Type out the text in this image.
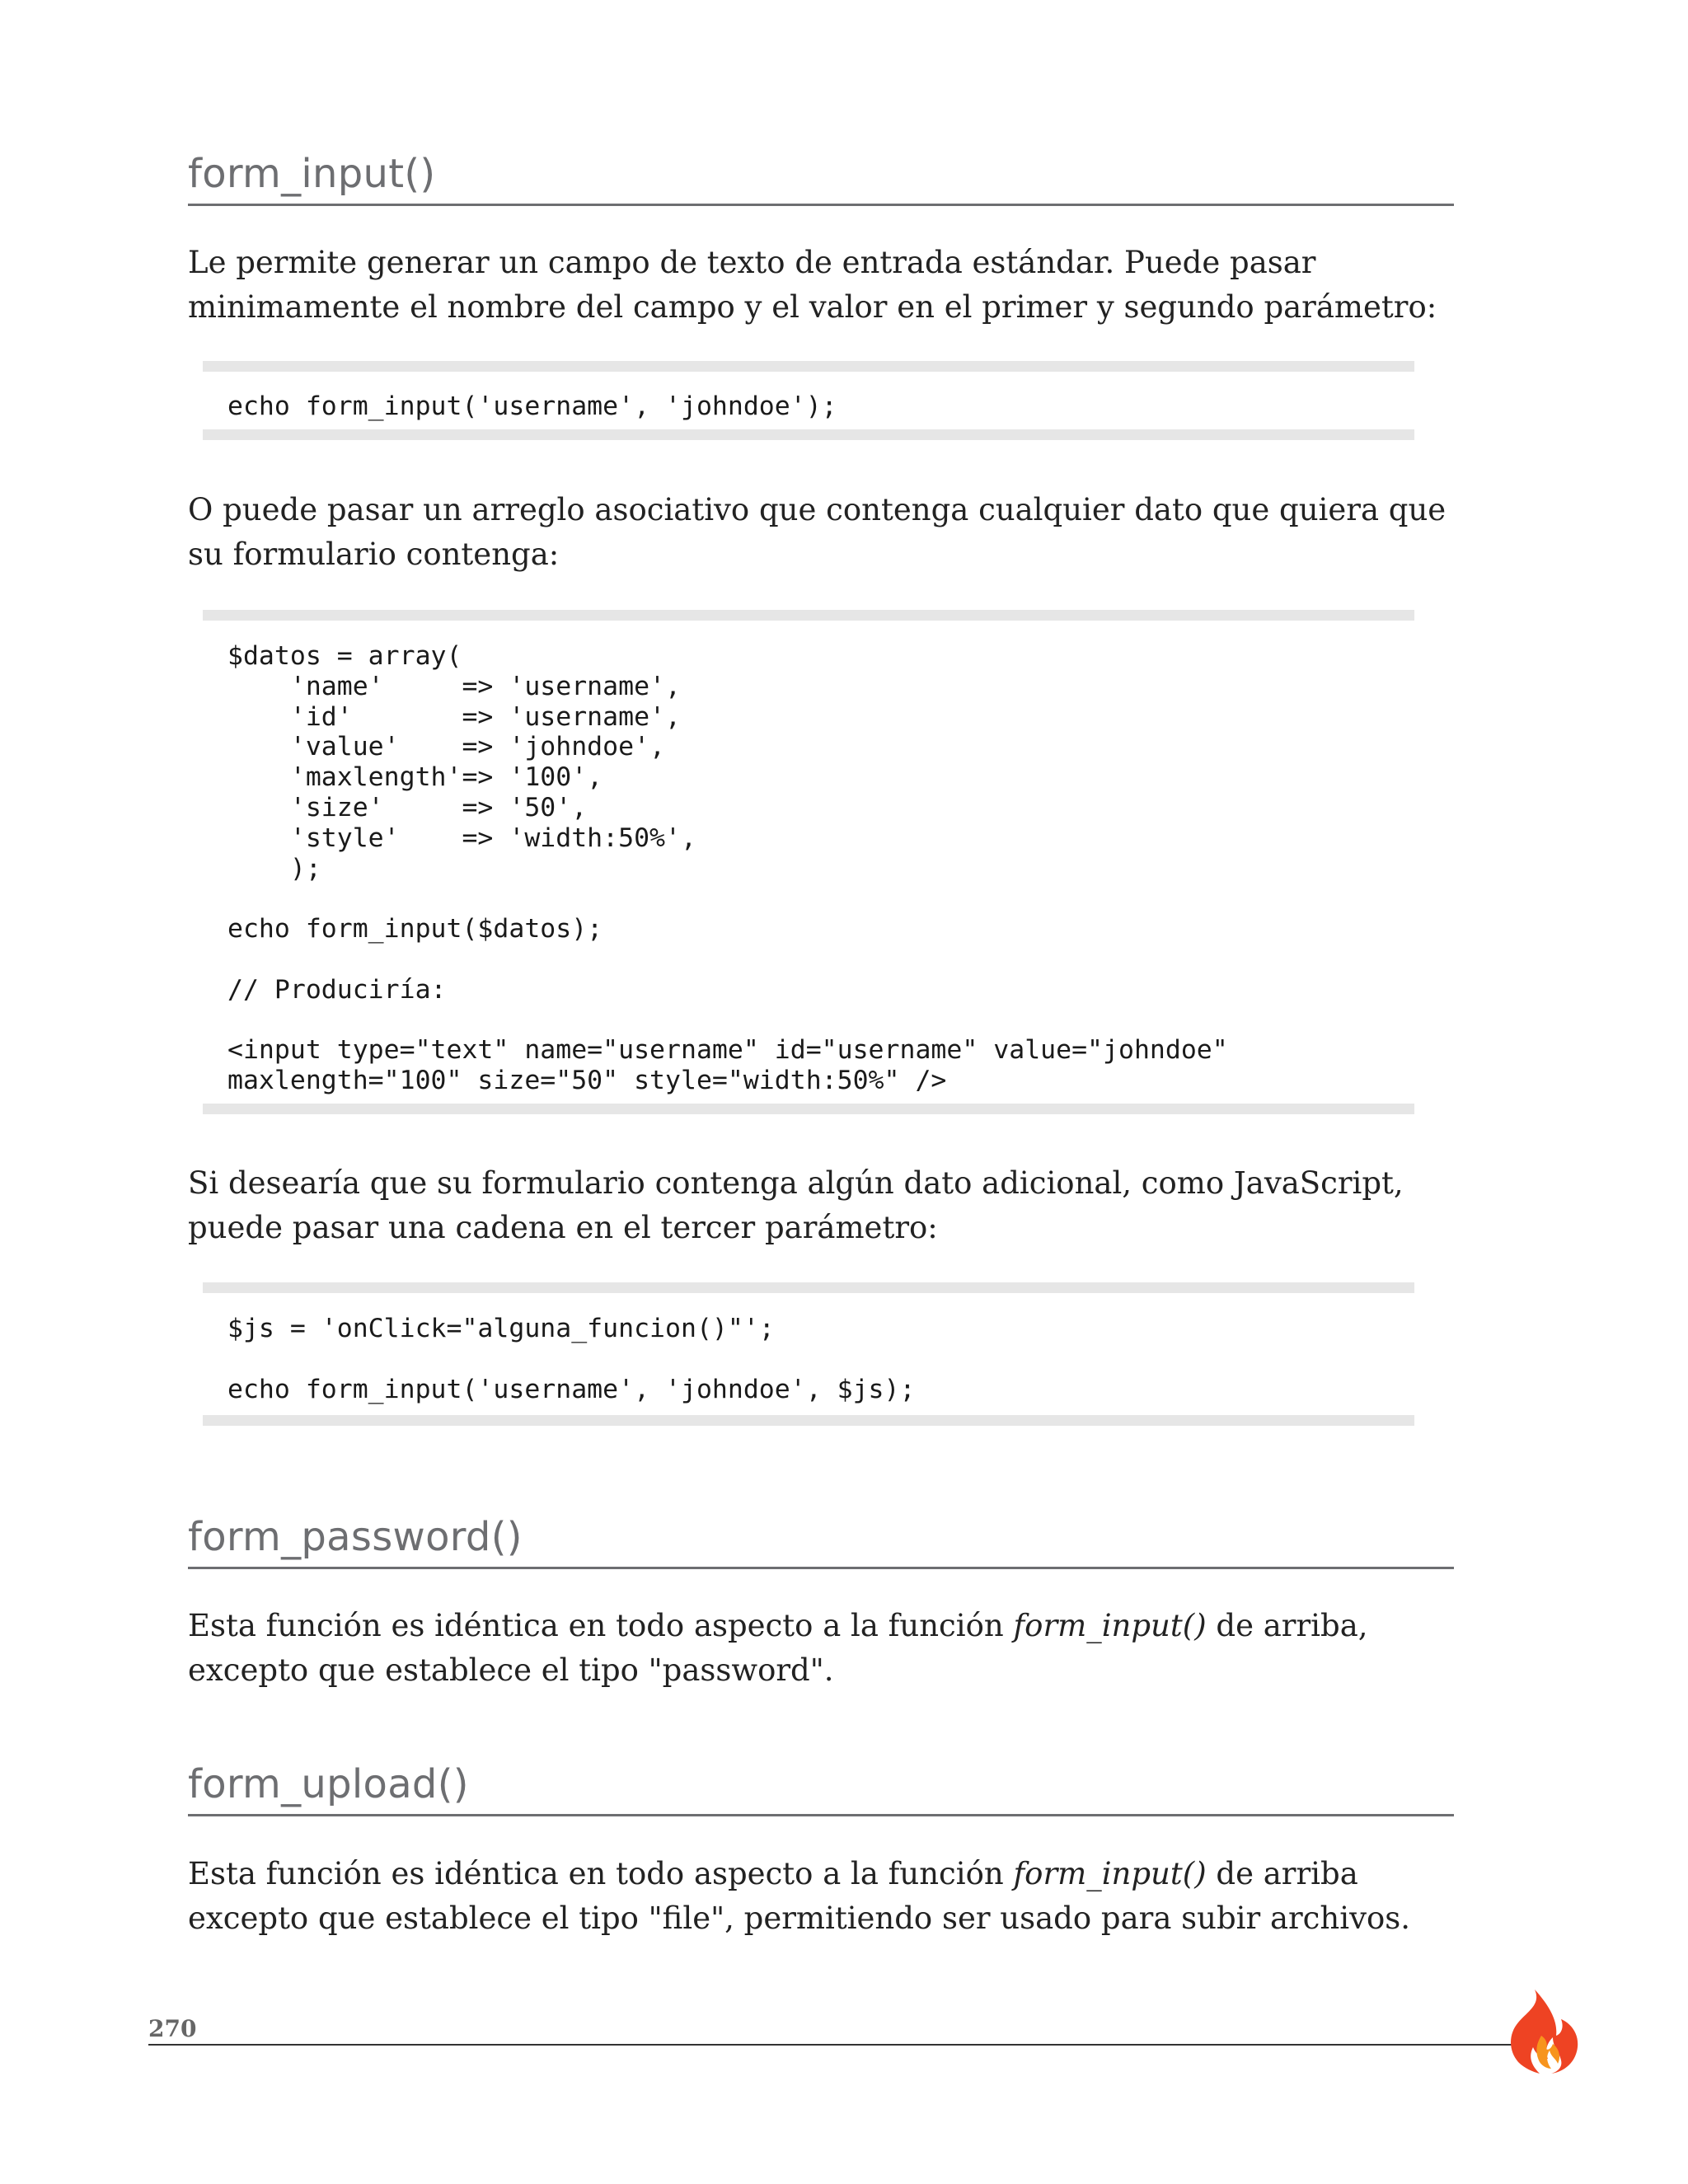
form_input()

Le permite generar un campo de texto de entrada estándar. Puede pasar minimamente el nombre del campo y el valor en el primer y segundo parámetro:

echo form_input('username', 'johndoe');

O puede pasar un arreglo asociativo que contenga cualquier dato que quiera que su formulario contenga:

$datos = array(
'name'     => 'username',
'id'       => 'username',
'value'    => 'johndoe',
'maxlength'=> '100',
'size'     => '50',
'style'    => 'width:50%',
);

echo form_input($datos);

// Produciría:

<input type="text" name="username" id="username" value="johndoe"
maxlength="100" size="50" style="width:50%" />

Si desearía que su formulario contenga algún dato adicional, como JavaScript, puede pasar una cadena en el tercer parámetro:

$js = 'onClick="alguna_funcion()"';

echo form_input('username', 'johndoe', $js);
form_password()

Esta función es idéntica en todo aspecto a la función form_input() de arriba, excepto que establece el tipo "password".

form_upload()

Esta función es idéntica en todo aspecto a la función form_input() de arriba excepto que establece el tipo "file", permitiendo ser usado para subir archivos.

270
